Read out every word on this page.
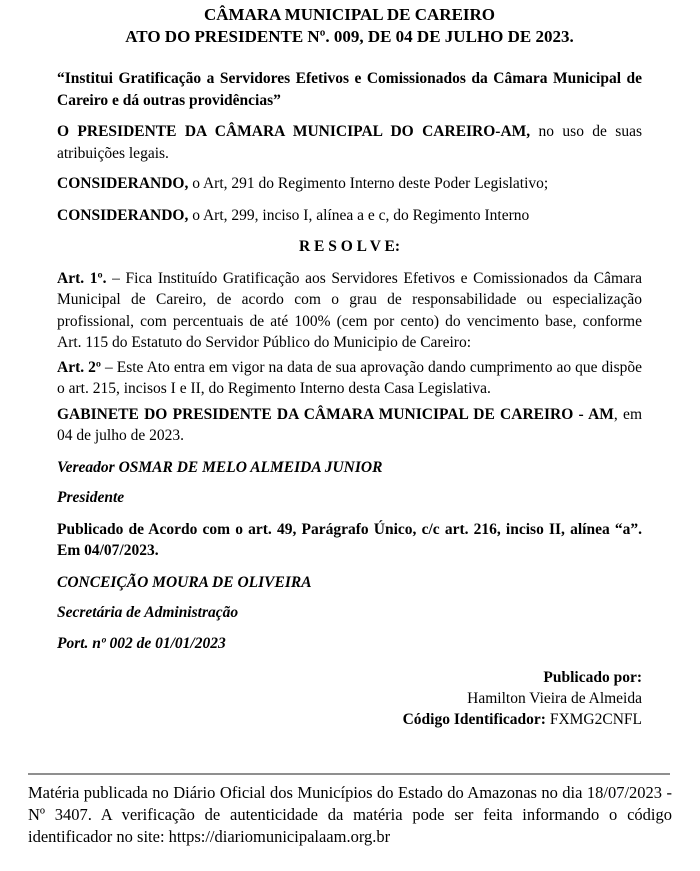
CÂMARA MUNICIPAL DE CAREIRO
ATO DO PRESIDENTE Nº. 009, DE 04 DE JULHO DE 2023.

“Institui Gratificação a Servidores Efetivos e Comissionados da Câmara Municipal de Careiro e dá outras providências”

O PRESIDENTE DA CÂMARA MUNICIPAL DO CAREIRO-AM, no uso de suas atribuições legais.

CONSIDERANDO, o Art, 291 do Regimento Interno deste Poder Legislativo;

CONSIDERANDO, o Art, 299, inciso I, alínea a e c, do Regimento Interno

R E S O L V E:

Art. 1º. – Fica Instituído Gratificação aos Servidores Efetivos e Comissionados da Câmara Municipal de Careiro, de acordo com o grau de responsabilidade ou especialização profissional, com percentuais de até 100% (cem por cento) do vencimento base, conforme Art. 115 do Estatuto do Servidor Público do Municipio de Careiro:

Art. 2º – Este Ato entra em vigor na data de sua aprovação dando cumprimento ao que dispõe o art. 215, incisos I e II, do Regimento Interno desta Casa Legislativa.

GABINETE DO PRESIDENTE DA CÂMARA MUNICIPAL DE CAREIRO - AM, em 04 de julho de 2023.

Vereador OSMAR DE MELO ALMEIDA JUNIOR

Presidente

Publicado de Acordo com o art. 49, Parágrafo Único, c/c art. 216, inciso II, alínea “a”. Em 04/07/2023.

CONCEIÇÃO MOURA DE OLIVEIRA

Secretária de Administração

Port. nº 002 de 01/01/2023

Publicado por:

Hamilton Vieira de Almeida

Código Identificador: FXMG2CNFL

Matéria publicada no Diário Oficial dos Municípios do Estado do Amazonas no dia 18/07/2023 - Nº 3407. A verificação de autenticidade da matéria pode ser feita informando o código identificador no site: https://diariomunicipalaam.org.br
